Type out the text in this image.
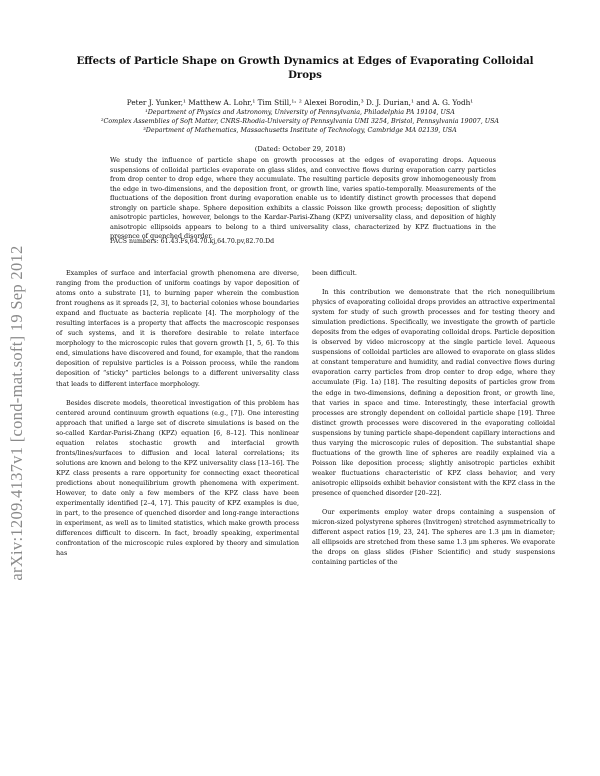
arXiv:1209.4137v1 [cond-mat.soft] 19 Sep 2012
Effects of Particle Shape on Growth Dynamics at Edges of Evaporating Colloidal Drops
Peter J. Yunker,¹ Matthew A. Lohr,¹ Tim Still,¹˒ ² Alexei Borodin,³ D. J. Durian,¹ and A. G. Yodh¹
¹Department of Physics and Astronomy, University of Pennsylvania, Philadelphia PA 19104, USA
²Complex Assemblies of Soft Matter, CNRS-Rhodia-University of Pennsylvania UMI 3254, Bristol, Pennsylvania 19007, USA
³Department of Mathematics, Massachusetts Institute of Technology, Cambridge MA 02139, USA
(Dated: October 29, 2018)
We study the influence of particle shape on growth processes at the edges of evaporating drops. Aqueous suspensions of colloidal particles evaporate on glass slides, and convective flows during evaporation carry particles from drop center to drop edge, where they accumulate. The resulting particle deposits grow inhomogeneously from the edge in two-dimensions, and the deposition front, or growth line, varies spatio-temporally. Measurements of the fluctuations of the deposition front during evaporation enable us to identify distinct growth processes that depend strongly on particle shape. Sphere deposition exhibits a classic Poisson like growth process; deposition of slightly anisotropic particles, however, belongs to the Kardar-Parisi-Zhang (KPZ) universality class, and deposition of highly anisotropic ellipsoids appears to belong to a third universality class, characterized by KPZ fluctuations in the presence of quenched disorder.
PACS numbers: 61.43.Fs,64.70.kj,64.70.pv,82.70.Dd

Examples of surface and interfacial growth phenomena are diverse, ranging from the production of uniform coatings by vapor deposition of atoms onto a substrate [1], to burning paper wherein the combustion front roughens as it spreads [2, 3], to bacterial colonies whose boundaries expand and fluctuate as bacteria replicate [4]. The morphology of the resulting interfaces is a property that affects the macroscopic responses of such systems, and it is therefore desirable to relate interface morphology to the microscopic rules that govern growth [1, 5, 6]. To this end, simulations have discovered and found, for example, that the random deposition of repulsive particles is a Poisson process, while the random deposition of “sticky” particles belongs to a different universality class that leads to different interface morphology.

Besides discrete models, theoretical investigation of this problem has centered around continuum growth equations (e.g., [7]). One interesting approach that unified a large set of discrete simulations is based on the so-called Kardar-Parisi-Zhang (KPZ) equation [6, 8–12]. This nonlinear equation relates stochastic growth and interfacial growth fronts/lines/surfaces to diffusion and local lateral correlations; its solutions are known and belong to the KPZ universality class [13–16]. The KPZ class presents a rare opportunity for connecting exact theoretical predictions about nonequilibrium growth phenomena with experiment. However, to date only a few members of the KPZ class have been experimentally identified [2–4, 17]. This paucity of KPZ examples is due, in part, to the presence of quenched disorder and long-range interactions in experiment, as well as to limited statistics, which make growth process differences difficult to discern. In fact, broadly speaking, experimental confrontation of the microscopic rules explored by theory and simulation has

been difficult.

In this contribution we demonstrate that the rich nonequilibrium physics of evaporating colloidal drops provides an attractive experimental system for study of such growth processes and for testing theory and simulation predictions. Specifically, we investigate the growth of particle deposits from the edges of evaporating colloidal drops. Particle deposition is observed by video microscopy at the single particle level. Aqueous suspensions of colloidal particles are allowed to evaporate on glass slides at constant temperature and humidity, and radial convective flows during evaporation carry particles from drop center to drop edge, where they accumulate (Fig. 1a) [18]. The resulting deposits of particles grow from the edge in two-dimensions, defining a deposition front, or growth line, that varies in space and time. Interestingly, these interfacial growth processes are strongly dependent on colloidal particle shape [19]. Three distinct growth processes were discovered in the evaporating colloidal suspensions by tuning particle shape-dependent capillary interactions and thus varying the microscopic rules of deposition. The substantial shape fluctuations of the growth line of spheres are readily explained via a Poisson like deposition process; slightly anisotropic particles exhibit weaker fluctuations characteristic of KPZ class behavior, and very anisotropic ellipsoids exhibit behavior consistent with the KPZ class in the presence of quenched disorder [20–22].

Our experiments employ water drops containing a suspension of micron-sized polystyrene spheres (Invitrogen) stretched asymmetrically to different aspect ratios [19, 23, 24]. The spheres are 1.3 μm in diameter; all ellipsoids are stretched from these same 1.3 μm spheres. We evaporate the drops on glass slides (Fisher Scientific) and study suspensions containing particles of the
